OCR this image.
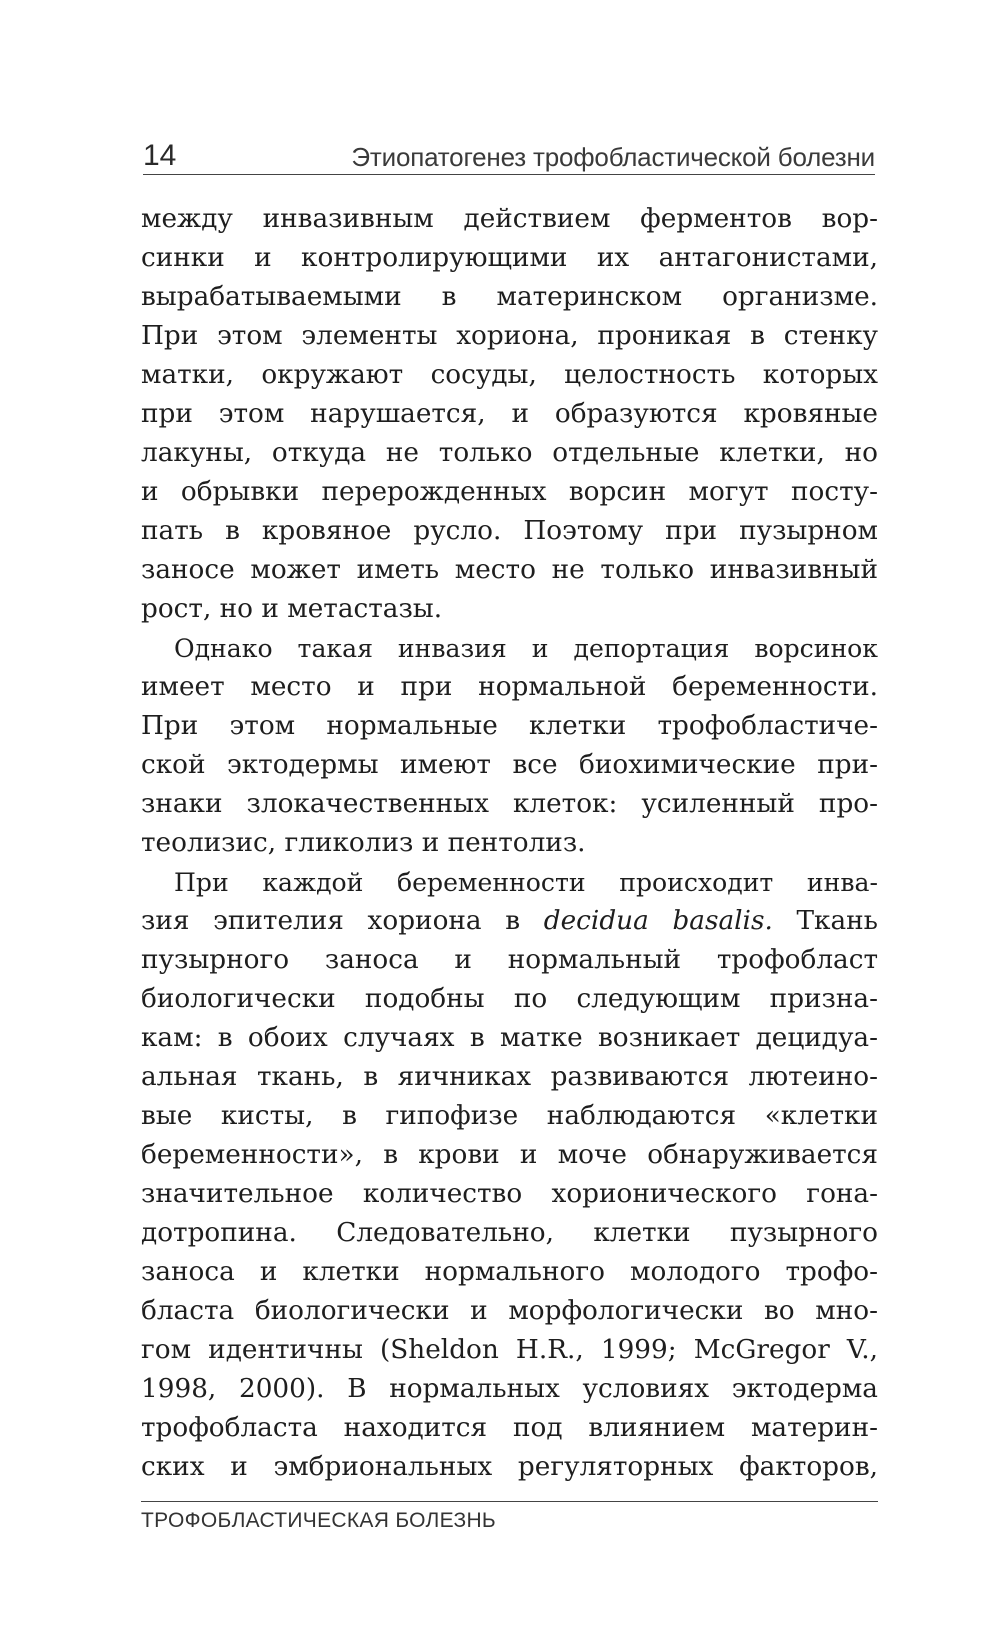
14	Этиопатогенез трофобластической болезни

между инвазивным действием ферментов вор-
синки и контролирующими их антагонистами,
вырабатываемыми в материнском организме.
При этом элементы хориона, проникая в стенку
матки, окружают сосуды, целостность которых
при этом нарушается, и образуются кровяные
лакуны, откуда не только отдельные клетки, но
и обрывки перерожденных ворсин могут посту-
пать в кровяное русло. Поэтому при пузырном
заносе может иметь место не только инвазивный
рост, но и метастазы.

Однако такая инвазия и депортация ворсинок
имеет место и при нормальной беременности.
При этом нормальные клетки трофобластиче-
ской эктодермы имеют все биохимические при-
знаки злокачественных клеток: усиленный про-
теолизис, гликолиз и пентолиз.

При каждой беременности происходит инва-
зия эпителия хориона в decidua basalis. Ткань
пузырного заноса и нормальный трофобласт
биологически подобны по следующим призна-
кам: в обоих случаях в матке возникает децидуа-
альная ткань, в яичниках развиваются лютеино-
вые кисты, в гипофизе наблюдаются «клетки
беременности», в крови и моче обнаруживается
значительное количество хорионического гона-
дотропина. Следовательно, клетки пузырного
заноса и клетки нормального молодого трофо-
бласта биологически и морфологически во мно-
гом идентичны (Sheldon H.R., 1999; McGregor V.,
1998, 2000). В нормальных условиях эктодерма
трофобласта находится под влиянием материн-
ских и эмбриональных регуляторных факторов,

ТРОФОБЛАСТИЧЕСКАЯ БОЛЕЗНЬ
